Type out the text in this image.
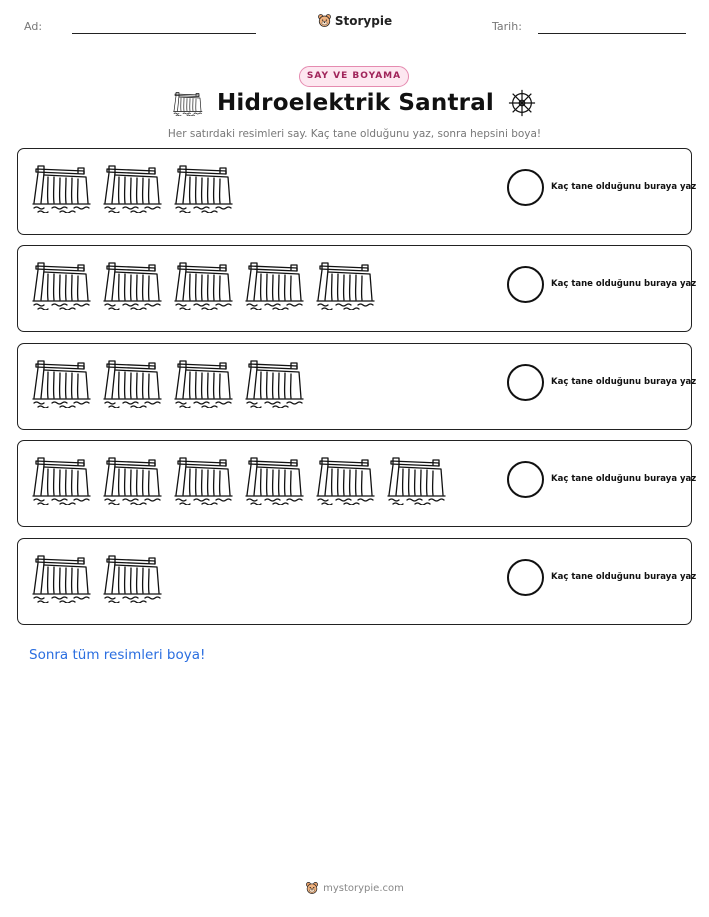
Ad:	Storypie	Tarih:
SAY VE BOYAMA
Hidroelektrik Santral
Her satırdaki resimleri say. Kaç tane olduğunu yaz, sonra hepsini boya!
Kaç tane olduğunu buraya yaz
Kaç tane olduğunu buraya yaz
Kaç tane olduğunu buraya yaz
Kaç tane olduğunu buraya yaz
Kaç tane olduğunu buraya yaz
Sonra tüm resimleri boya!
mystorypie.com
